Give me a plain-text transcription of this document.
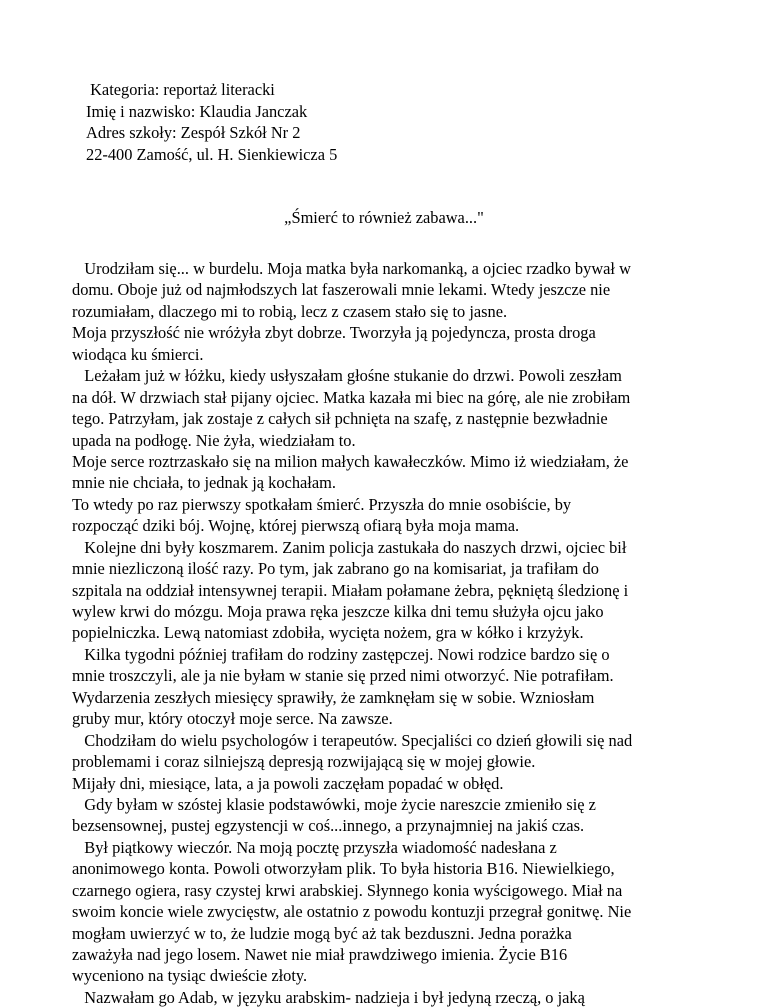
Kategoria: reportaż literacki
Imię i nazwisko: Klaudia Janczak
Adres szkoły: Zespół Szkół Nr 2
22-400 Zamość, ul. H. Sienkiewicza 5
„Śmierć to również zabawa..."
Urodziłam się... w burdelu. Moja matka była narkomanką, a ojciec rzadko bywał w
domu. Oboje już od najmłodszych lat faszerowali mnie lekami. Wtedy jeszcze nie
rozumiałam, dlaczego mi to robią, lecz z czasem stało się to jasne.
Moja przyszłość nie wróżyła zbyt dobrze. Tworzyła ją pojedyncza, prosta droga
wiodąca ku śmierci.
Leżałam już w łóżku, kiedy usłyszałam głośne stukanie do drzwi. Powoli zeszłam
na dół. W drzwiach stał pijany ojciec. Matka kazała mi biec na górę, ale nie zrobiłam
tego. Patrzyłam, jak zostaje z całych sił pchnięta na szafę, z następnie bezwładnie
upada na podłogę. Nie żyła, wiedziałam to.
Moje serce roztrzaskało się na milion małych kawałeczków. Mimo iż wiedziałam, że
mnie nie chciała, to jednak ją kochałam.
To wtedy po raz pierwszy spotkałam śmierć. Przyszła do mnie osobiście, by
rozpocząć dziki bój. Wojnę, której pierwszą ofiarą była moja mama.
Kolejne dni były koszmarem. Zanim policja zastukała do naszych drzwi, ojciec bił
mnie niezliczoną ilość razy. Po tym, jak zabrano go na komisariat, ja trafiłam do
szpitala na oddział intensywnej terapii. Miałam połamane żebra, pękniętą śledzionę i
wylew krwi do mózgu. Moja prawa ręka jeszcze kilka dni temu służyła ojcu jako
popielniczka. Lewą natomiast zdobiła, wycięta nożem, gra w kółko i krzyżyk.
Kilka tygodni później trafiłam do rodziny zastępczej. Nowi rodzice bardzo się o
mnie troszczyli, ale ja nie byłam w stanie się przed nimi otworzyć. Nie potrafiłam.
Wydarzenia zeszłych miesięcy sprawiły, że zamknęłam się w sobie. Wzniosłam
gruby mur, który otoczył moje serce. Na zawsze.
Chodziłam do wielu psychologów i terapeutów. Specjaliści co dzień głowili się nad
problemami i coraz silniejszą depresją rozwijającą się w mojej głowie.
Mijały dni, miesiące, lata, a ja powoli zaczęłam popadać w obłęd.
Gdy byłam w szóstej klasie podstawówki, moje życie nareszcie zmieniło się z
bezsensownej, pustej egzystencji w coś...innego, a przynajmniej na jakiś czas.
Był piątkowy wieczór. Na moją pocztę przyszła wiadomość nadesłana z
anonimowego konta. Powoli otworzyłam plik. To była historia B16. Niewielkiego,
czarnego ogiera, rasy czystej krwi arabskiej. Słynnego konia wyścigowego. Miał na
swoim koncie wiele zwycięstw, ale ostatnio z powodu kontuzji przegrał gonitwę. Nie
mogłam uwierzyć w to, że ludzie mogą być aż tak bezduszni. Jedna porażka
zaważyła nad jego losem. Nawet nie miał prawdziwego imienia. Życie B16
wyceniono na tysiąc dwieście złoty.
Nazwałam go Adab, w języku arabskim- nadzieja i był jedyną rzeczą, o jaką
